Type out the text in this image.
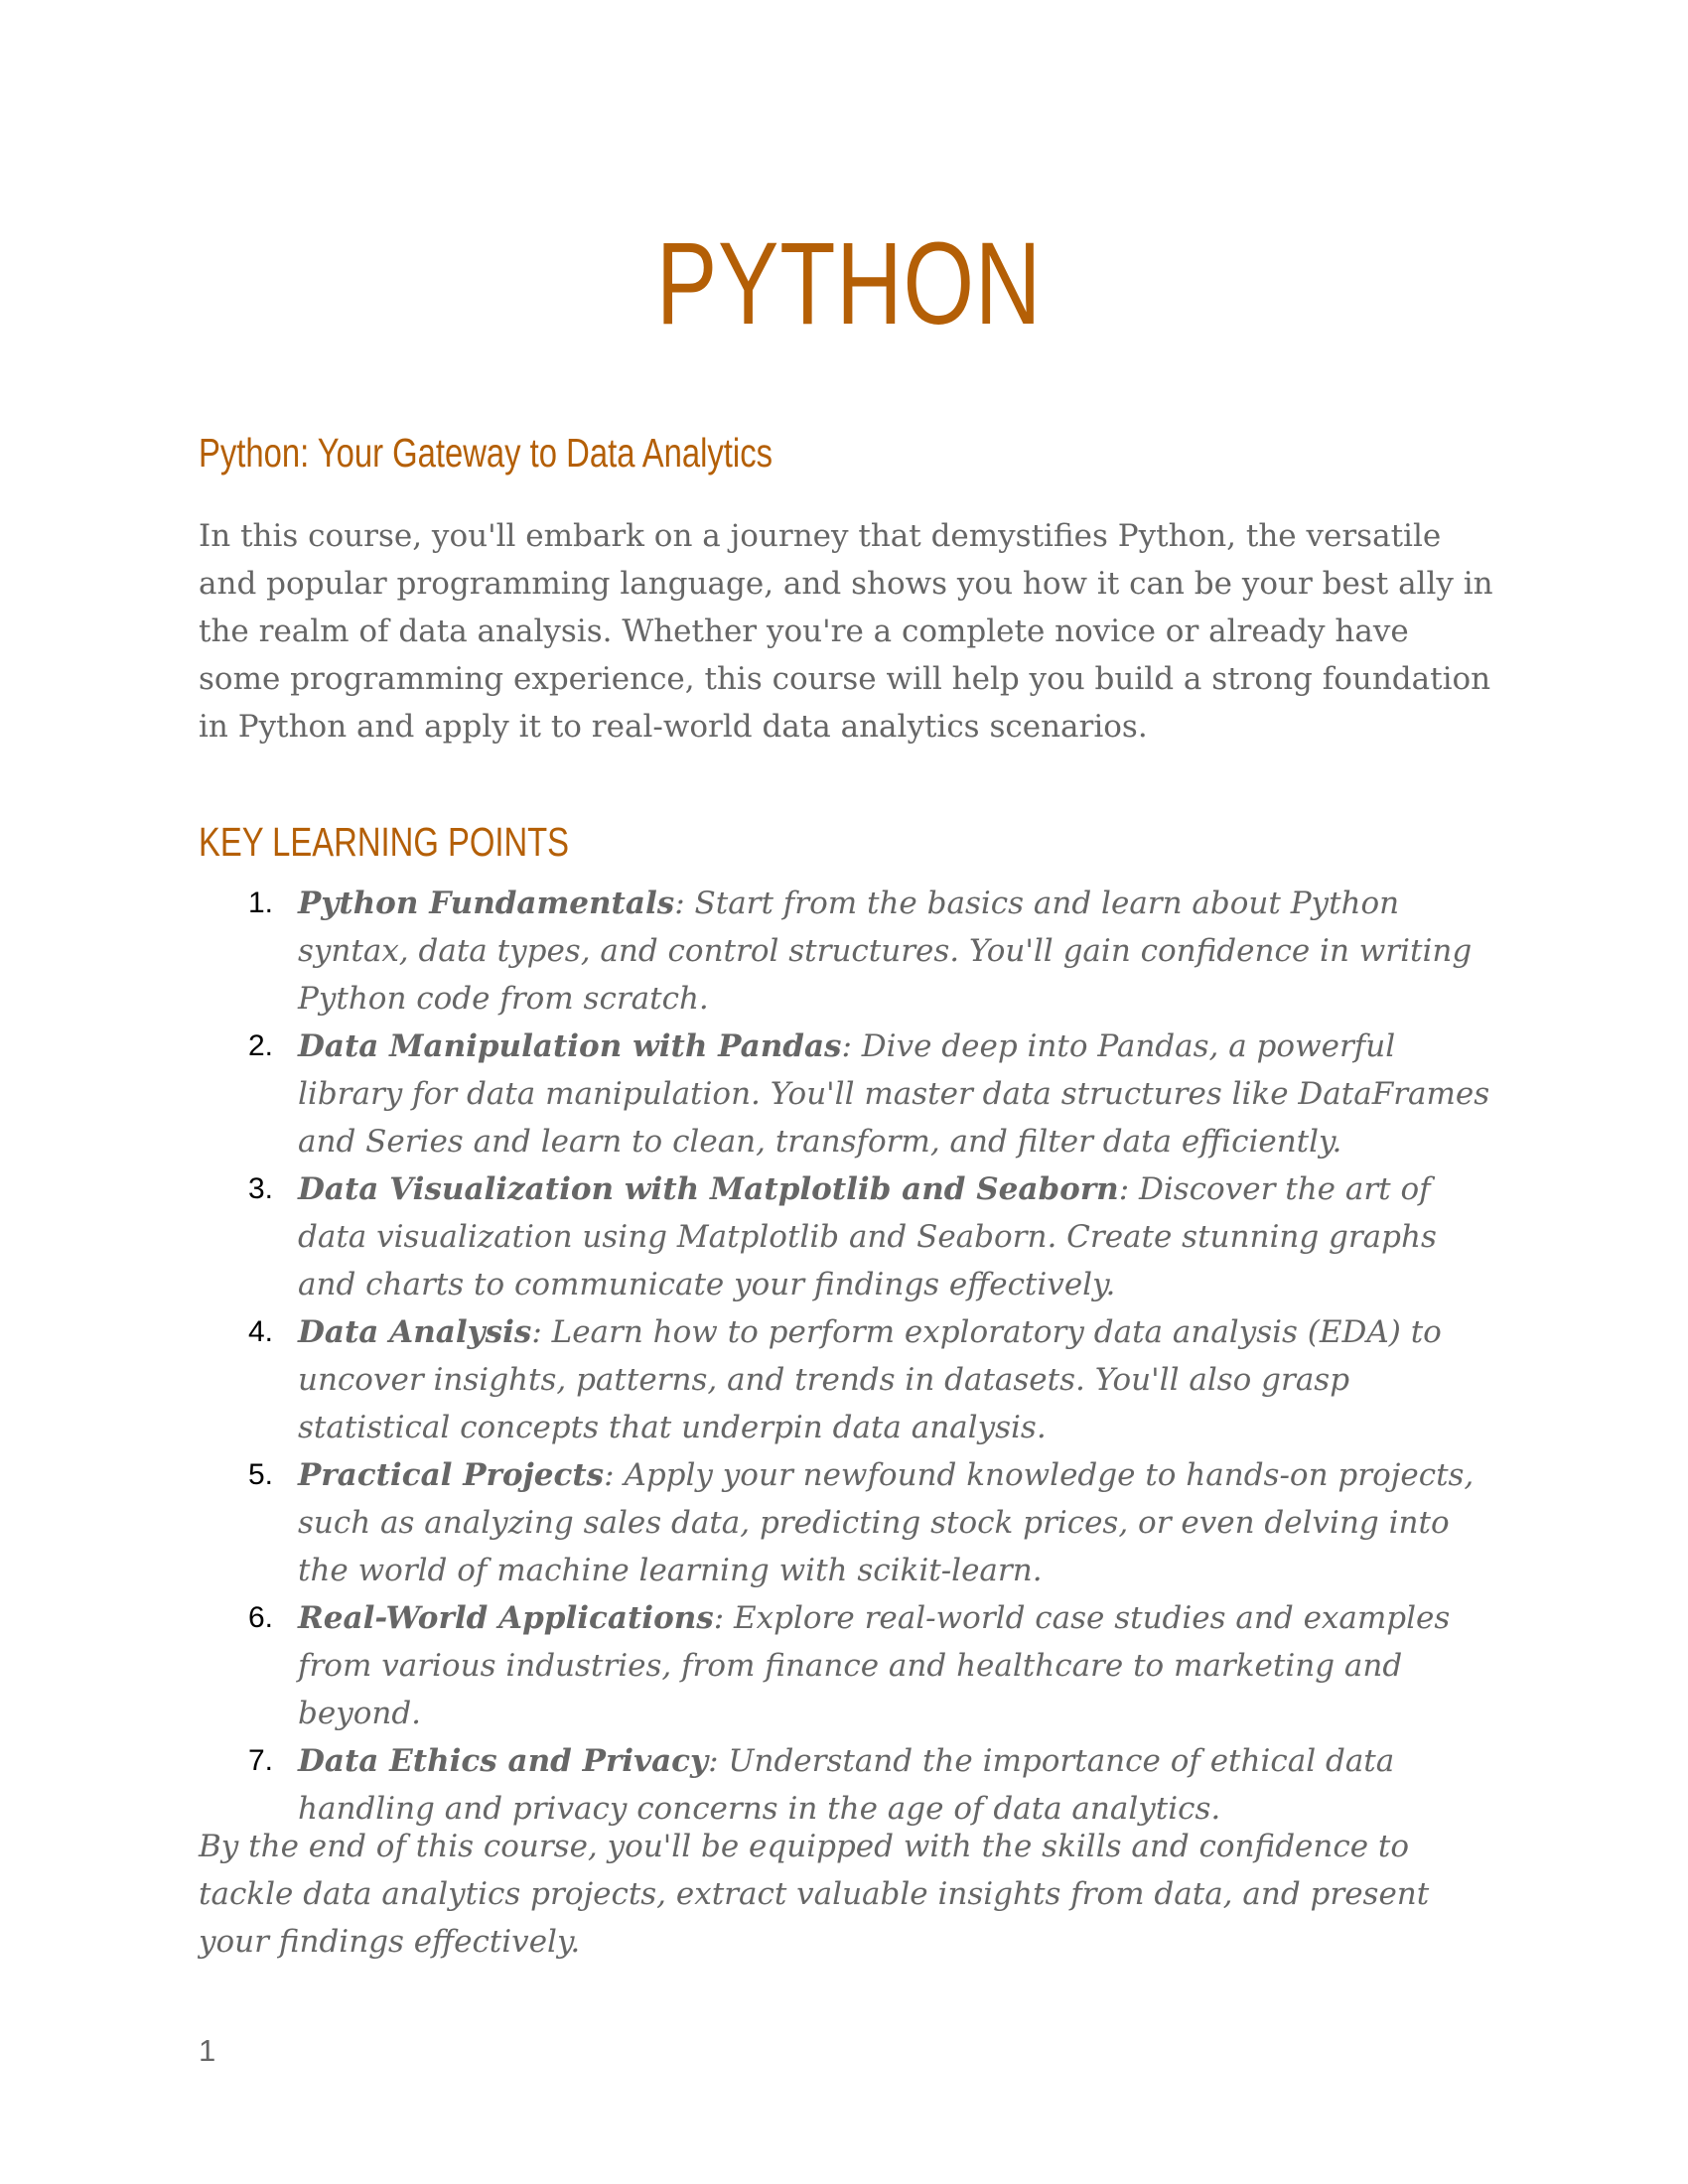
PYTHON
Python: Your Gateway to Data Analytics

In this course, you'll embark on a journey that demystifies Python, the versatile and popular programming language, and shows you how it can be your best ally in the realm of data analysis. Whether you're a complete novice or already have some programming experience, this course will help you build a strong foundation in Python and apply it to real-world data analytics scenarios.

KEY LEARNING POINTS
1. Python Fundamentals: Start from the basics and learn about Python syntax, data types, and control structures. You'll gain confidence in writing Python code from scratch.
2. Data Manipulation with Pandas: Dive deep into Pandas, a powerful library for data manipulation. You'll master data structures like DataFrames and Series and learn to clean, transform, and filter data efficiently.
3. Data Visualization with Matplotlib and Seaborn: Discover the art of data visualization using Matplotlib and Seaborn. Create stunning graphs and charts to communicate your findings effectively.
4. Data Analysis: Learn how to perform exploratory data analysis (EDA) to uncover insights, patterns, and trends in datasets. You'll also grasp statistical concepts that underpin data analysis.
5. Practical Projects: Apply your newfound knowledge to hands-on projects, such as analyzing sales data, predicting stock prices, or even delving into the world of machine learning with scikit-learn.
6. Real-World Applications: Explore real-world case studies and examples from various industries, from finance and healthcare to marketing and beyond.
7. Data Ethics and Privacy: Understand the importance of ethical data handling and privacy concerns in the age of data analytics.

By the end of this course, you'll be equipped with the skills and confidence to tackle data analytics projects, extract valuable insights from data, and present your findings effectively.

1
